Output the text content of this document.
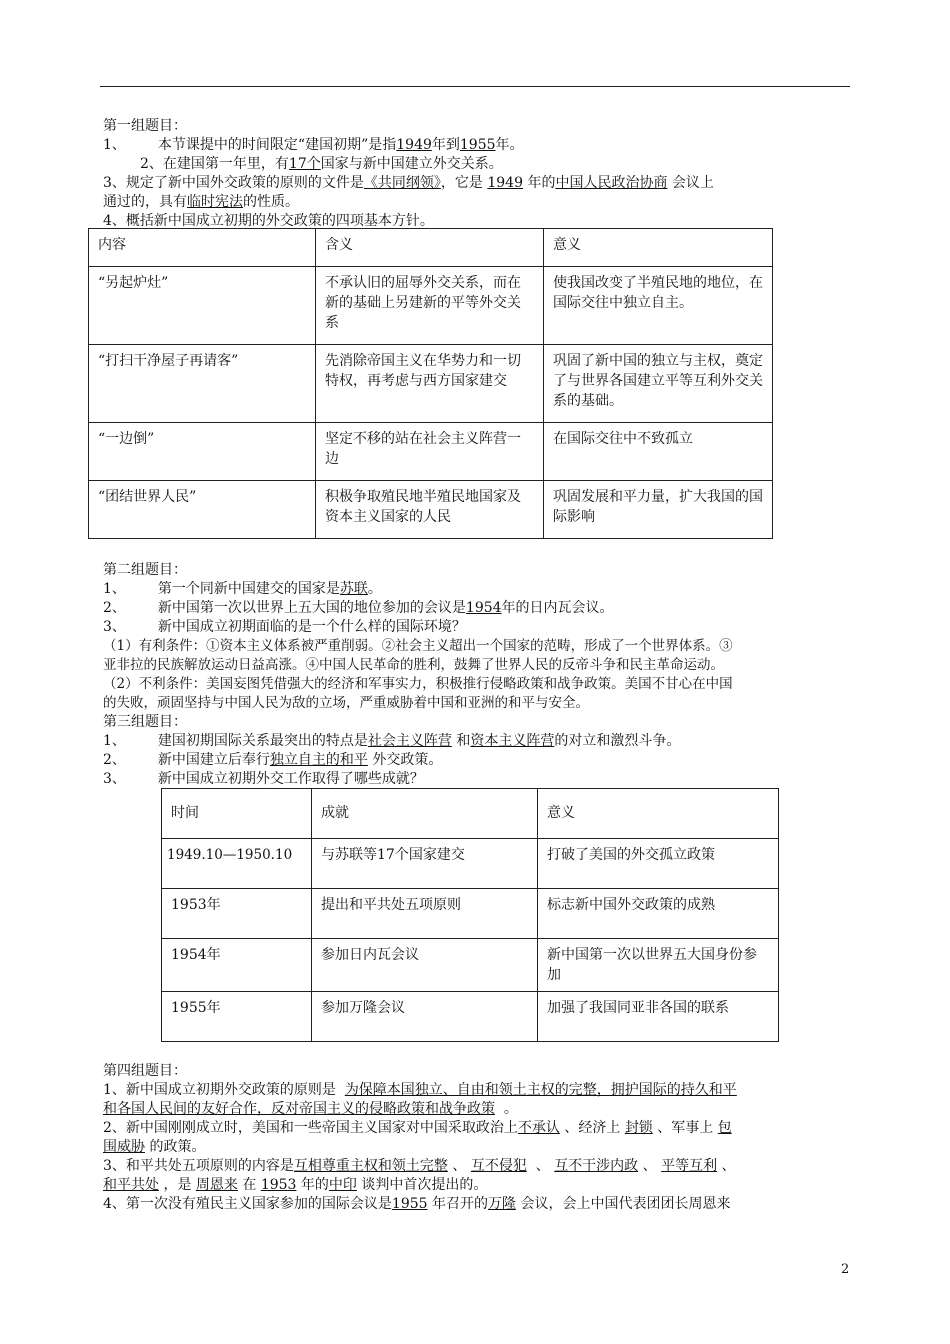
第一组题目：
1、 本节课提中的时间限定“建国初期”是指1949年到1955年。
2、在建国第一年里，有17个国家与新中国建立外交关系。
3、规定了新中国外交政策的原则的文件是《共同纲领》，它是 1949 年的中国人民政治协商 会议上
通过的，具有临时宪法的性质。
4、概括新中国成立初期的外交政策的四项基本方针。
内容	含义	意义
“另起炉灶”	不承认旧的屈辱外交关系，而在新的基础上另建新的平等外交关系	使我国改变了半殖民地的地位，在国际交往中独立自主。
“打扫干净屋子再请客”	先消除帝国主义在华势力和一切特权，再考虑与西方国家建交	巩固了新中国的独立与主权，奠定了与世界各国建立平等互利外交关系的基础。
“一边倒”	坚定不移的站在社会主义阵营一边	在国际交往中不致孤立
“团结世界人民”	积极争取殖民地半殖民地国家及资本主义国家的人民	巩固发展和平力量，扩大我国的国际影响
第二组题目：
1、 第一个同新中国建交的国家是苏联。
2、 新中国第一次以世界上五大国的地位参加的会议是1954年的日内瓦会议。
3、 新中国成立初期面临的是一个什么样的国际环境？
（1）有利条件：①资本主义体系被严重削弱。②社会主义超出一个国家的范畴，形成了一个世界体系。③
亚非拉的民族解放运动日益高涨。④中国人民革命的胜利，鼓舞了世界人民的反帝斗争和民主革命运动。
（2）不利条件：美国妄图凭借强大的经济和军事实力，积极推行侵略政策和战争政策。美国不甘心在中国
的失败，顽固坚持与中国人民为敌的立场，严重威胁着中国和亚洲的和平与安全。
第三组题目：
1、 建国初期国际关系最突出的特点是社会主义阵营 和资本主义阵营的对立和激烈斗争。
2、 新中国建立后奉行独立自主的和平 外交政策。
3、 新中国成立初期外交工作取得了哪些成就？
时间	成就	意义
1949.10—1950.10	与苏联等17个国家建交	打破了美国的外交孤立政策
1953年	提出和平共处五项原则	标志新中国外交政策的成熟
1954年	参加日内瓦会议	新中国第一次以世界五大国身份参加
1955年	参加万隆会议	加强了我国同亚非各国的联系
第四组题目：
1、新中国成立初期外交政策的原则是 为保障本国独立、自由和领土主权的完整，拥护国际的持久和平
和各国人民间的友好合作，反对帝国主义的侵略政策和战争政策 。
2、新中国刚刚成立时，美国和一些帝国主义国家对中国采取政治上不承认 、经济上 封锁 、军事上 包
围威胁 的政策。
3、和平共处五项原则的内容是互相尊重主权和领土完整 、 互不侵犯 、 互不干涉内政 、 平等互利 、
和平共处 ，是 周恩来 在 1953 年的中印 谈判中首次提出的。
4、第一次没有殖民主义国家参加的国际会议是1955 年召开的万隆 会议，会上中国代表团团长周恩来
2
